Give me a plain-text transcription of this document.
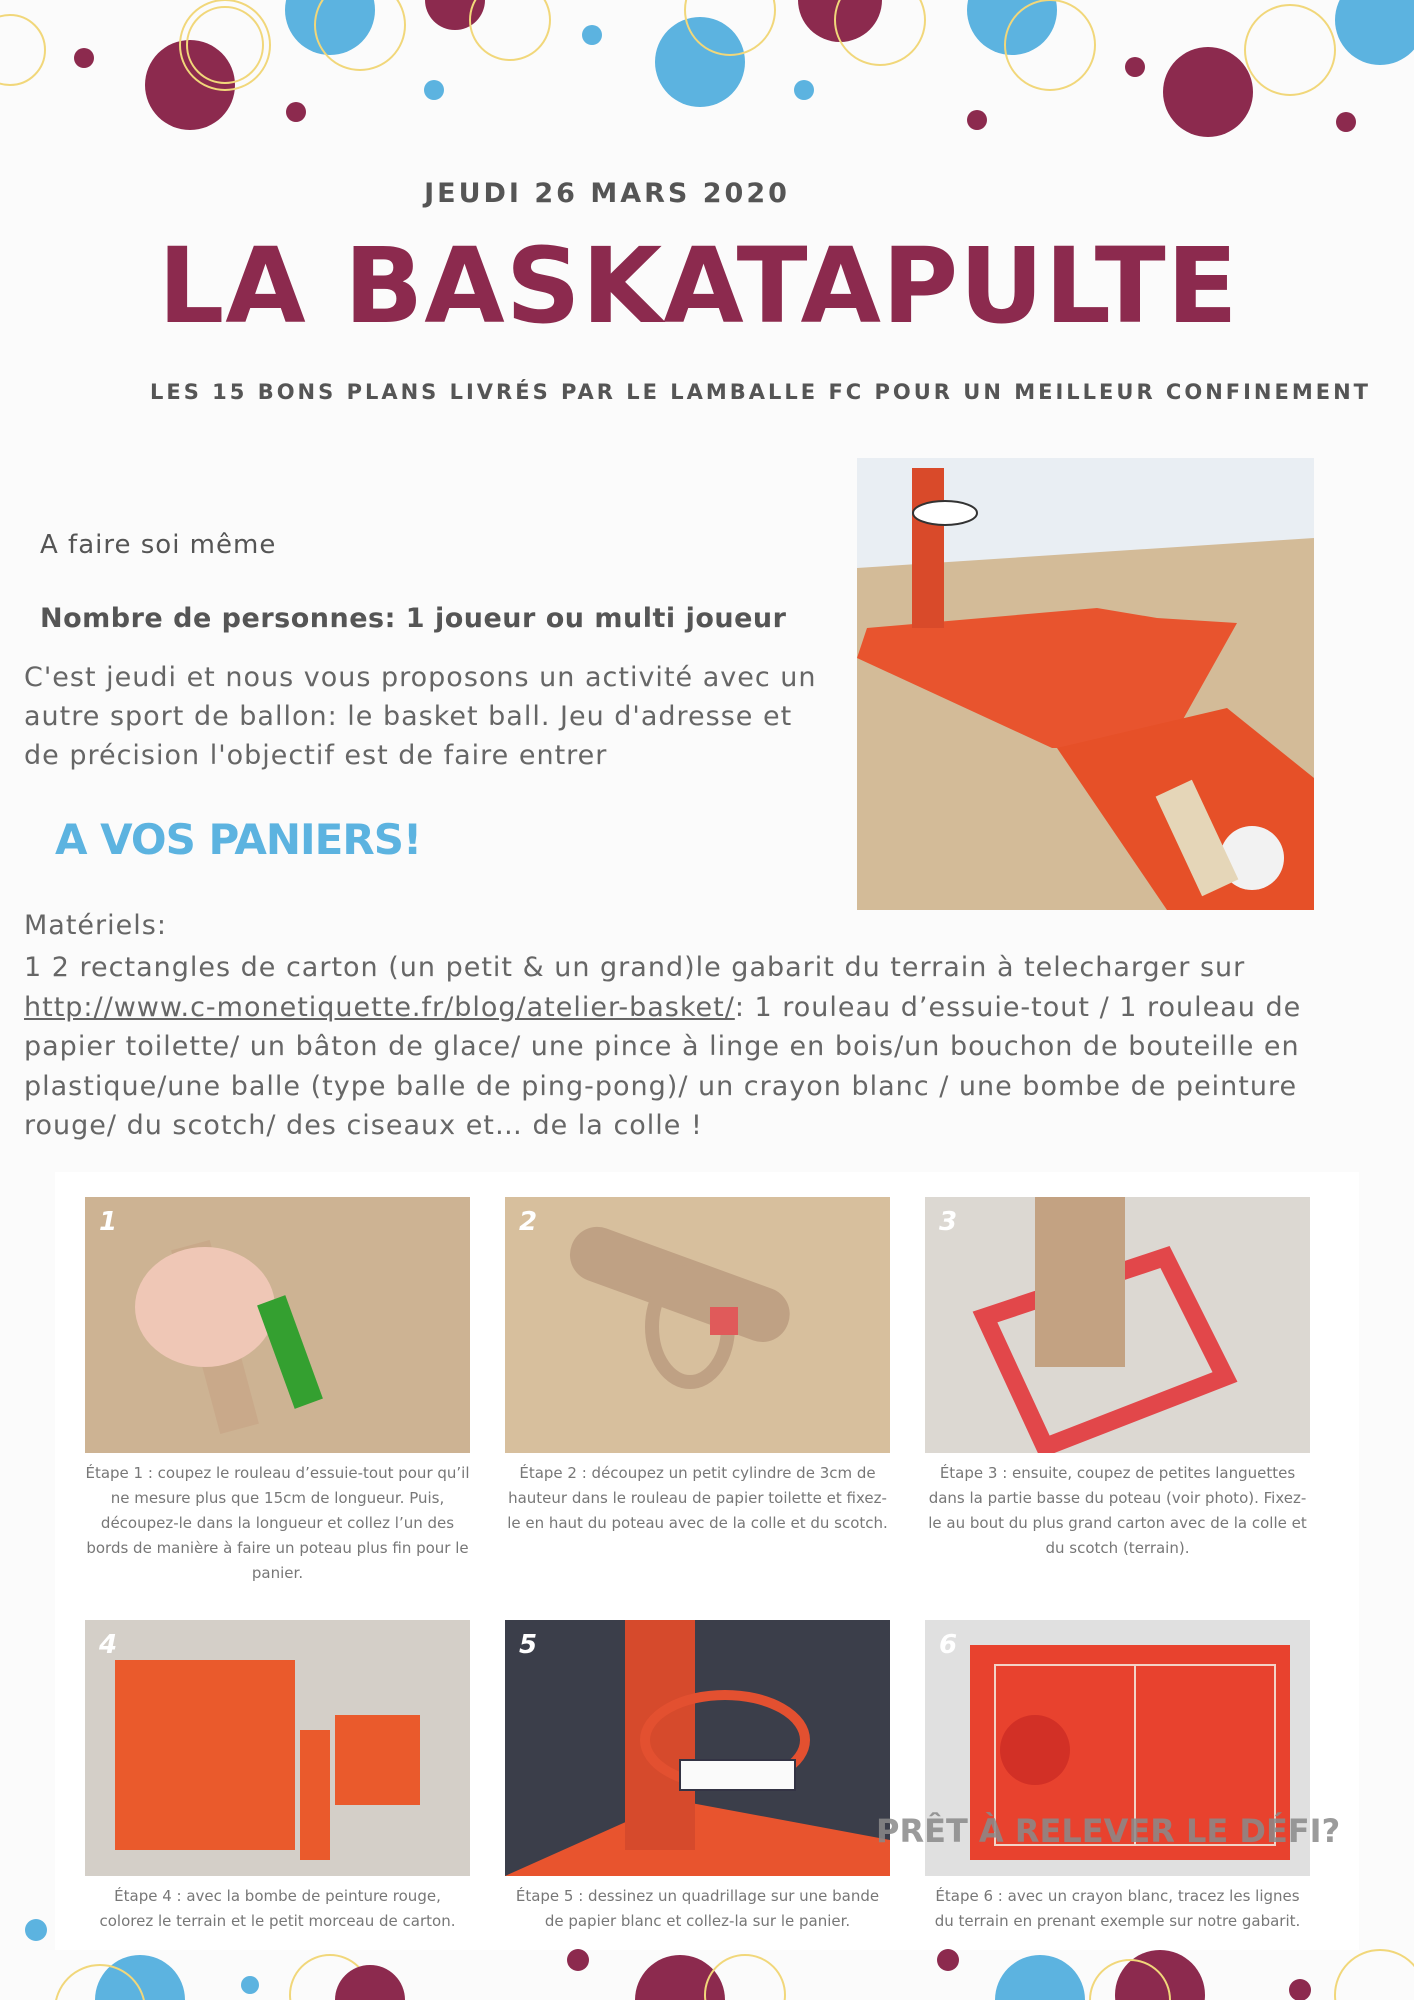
JEUDI 26 MARS 2020
LA BASKATAPULTE
LES 15 BONS PLANS LIVRÉS PAR LE LAMBALLE FC POUR UN MEILLEUR CONFINEMENT
A faire soi même
Nombre de personnes: 1 joueur ou multi joueur
C'est jeudi et nous vous proposons un activité avec un autre sport de ballon: le basket ball. Jeu d'adresse et de précision l'objectif est de faire entrer
A VOS PANIERS!
Matériels:
1 2 rectangles de carton (un petit & un grand)le gabarit du terrain à telecharger sur http://www.c-monetiquette.fr/blog/atelier-basket/: 1 rouleau d’essuie-tout / 1 rouleau de papier toilette/ un bâton de glace/ une pince à linge en bois/un bouchon de bouteille en plastique/une balle (type balle de ping-pong)/ un crayon blanc / une bombe de peinture rouge/ du scotch/ des ciseaux et… de la colle !
1
Étape 1 : coupez le rouleau d’essuie-tout pour qu’il ne mesure plus que 15cm de longueur. Puis, découpez-le dans la longueur et collez l’un des bords de manière à faire un poteau plus fin pour le panier.
2
Étape 2 : découpez un petit cylindre de 3cm de hauteur dans le rouleau de papier toilette et fixez-le en haut du poteau avec de la colle et du scotch.
3
Étape 3 : ensuite, coupez de petites languettes dans la partie basse du poteau (voir photo). Fixez-le au bout du plus grand carton avec de la colle et du scotch (terrain).
4
Étape 4 : avec la bombe de peinture rouge, colorez le terrain et le petit morceau de carton.
5
Étape 5 : dessinez un quadrillage sur une bande de papier blanc et collez-la sur le panier.
6
Étape 6 : avec un crayon blanc, tracez les lignes du terrain en prenant exemple sur notre gabarit.
PRÊT À RELEVER LE DÉFI?
